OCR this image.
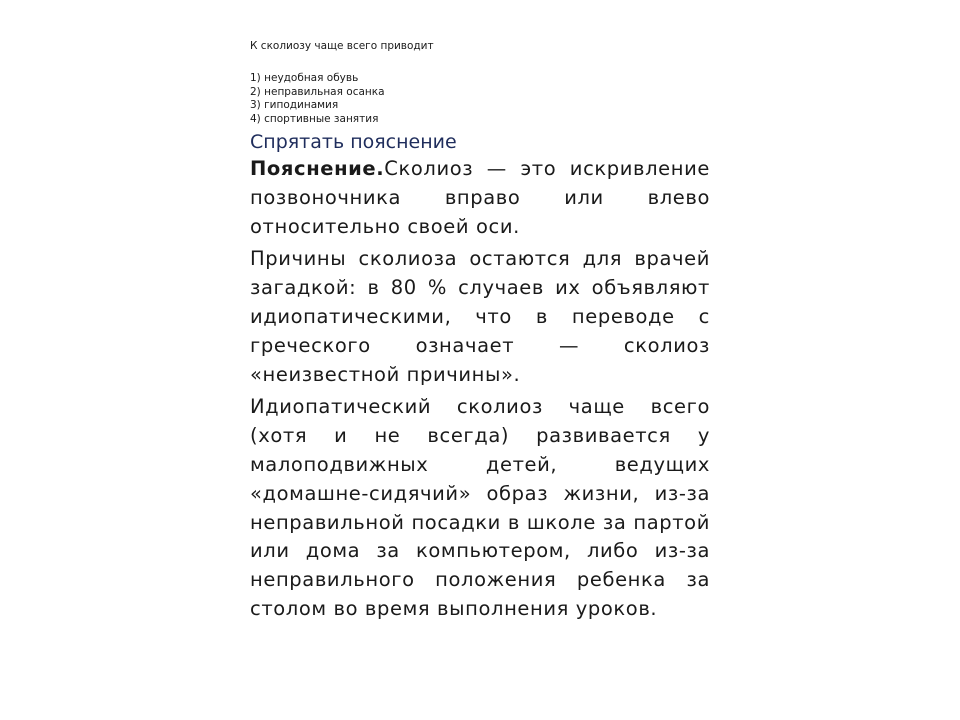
К сколиозу чаще всего приводит

1) неудобная обувь
2) неправильная осанка
3) гиподинамия
4) спортивные занятия
Спрятать пояснение

Пояснение.Сколиоз — это искривление позвоночника вправо или влево относительно своей оси.

Причины сколиоза остаются для врачей загадкой: в 80 % случаев их объявляют идиопатическими, что в переводе с греческого означает — сколиоз «неизвестной причины».

Идиопатический сколиоз чаще всего (хотя и не всегда) развивается у малоподвижных детей, ведущих «домашне-сидячий» образ жизни, из-за неправильной посадки в школе за партой или дома за компьютером, либо из-за неправильного положения ребенка за столом во время выполнения уроков.
